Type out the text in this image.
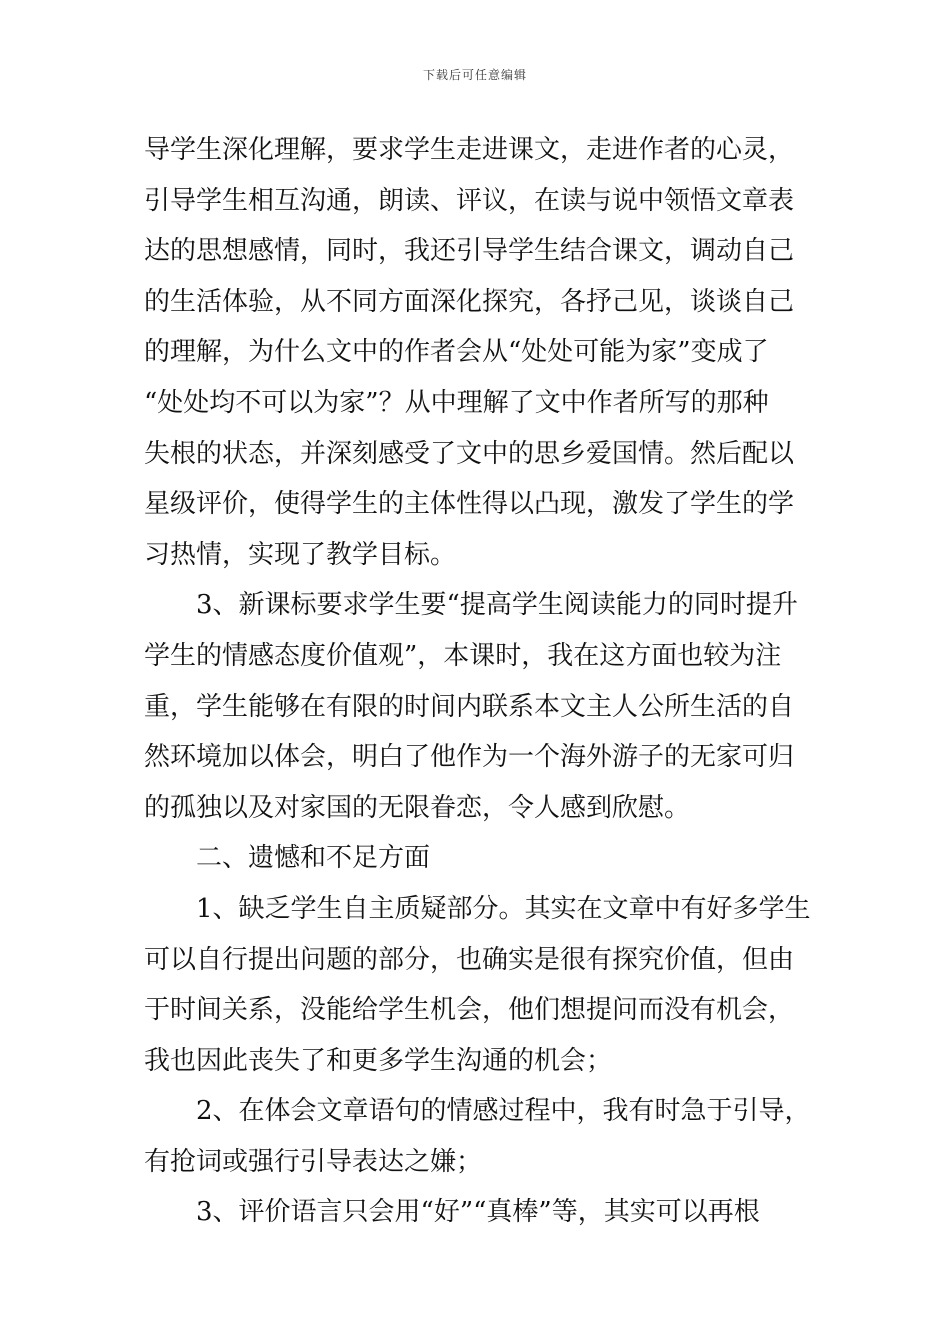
下载后可任意编辑
导学生深化理解，要求学生走进课文，走进作者的心灵，
引导学生相互沟通，朗读、评议，在读与说中领悟文章表
达的思想感情，同时，我还引导学生结合课文，调动自己
的生活体验，从不同方面深化探究，各抒己见，谈谈自己
的理解，为什么文中的作者会从“处处可能为家”变成了
“处处均不可以为家”？从中理解了文中作者所写的那种
失根的状态，并深刻感受了文中的思乡爱国情。然后配以
星级评价，使得学生的主体性得以凸现，激发了学生的学
习热情，实现了教学目标。
3、新课标要求学生要“提高学生阅读能力的同时提升
学生的情感态度价值观”，本课时，我在这方面也较为注
重，学生能够在有限的时间内联系本文主人公所生活的自
然环境加以体会，明白了他作为一个海外游子的无家可归
的孤独以及对家国的无限眷恋，令人感到欣慰。
二、遗憾和不足方面
1、缺乏学生自主质疑部分。其实在文章中有好多学生
可以自行提出问题的部分，也确实是很有探究价值，但由
于时间关系，没能给学生机会，他们想提问而没有机会，
我也因此丧失了和更多学生沟通的机会；
2、在体会文章语句的情感过程中，我有时急于引导，
有抢词或强行引导表达之嫌；
3、评价语言只会用“好”“真棒”等，其实可以再根
